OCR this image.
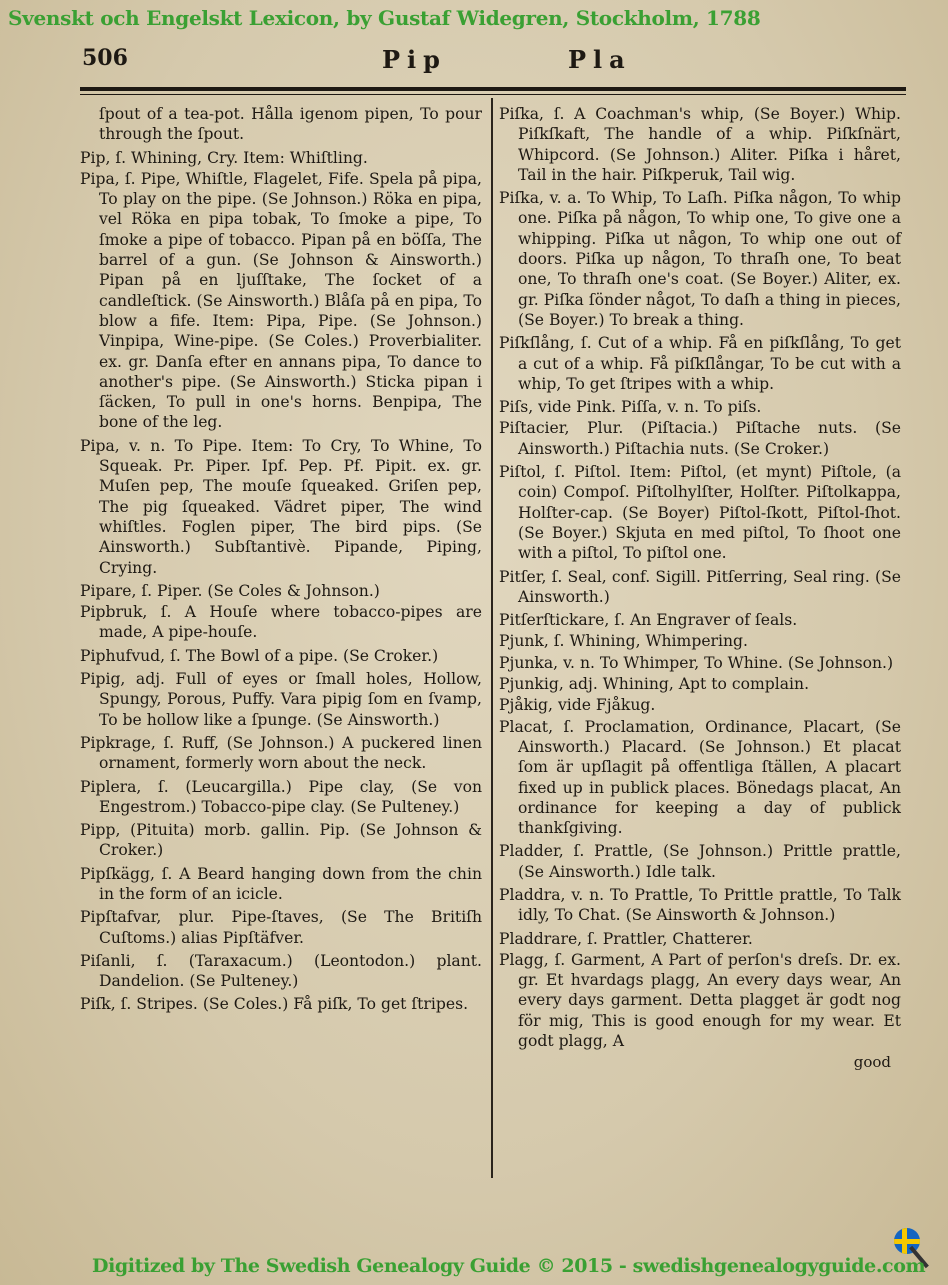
Svenskt och Engelskt Lexicon, by Gustaf Widegren, Stockholm, 1788
506	Pip	Pla

ſpout of a tea-pot. Hålla igenom pipen, To pour through the ſpout.

Pip, ſ. Whining, Cry. Item: Whiſtling.

Pipa, ſ. Pipe, Whiſtle, Flagelet, Fife. Spela på pipa, To play on the pipe. (Se Johnson.) Röka en pipa, vel Röka en pipa tobak, To ſmoke a pipe, To ſmoke a pipe of tobacco. Pipan på en böſſa, The barrel of a gun. (Se Johnson & Ainsworth.) Pipan på en ljuſſtake, The ſocket of a candleſtick. (Se Ainsworth.) Blåſa på en pipa, To blow a fife. Item: Pipa, Pipe. (Se Johnson.) Vinpipa, Wine-pipe. (Se Coles.) Proverbialiter. ex. gr. Danſa efter en annans pipa, To dance to another's pipe. (Se Ainsworth.) Sticka pipan i ſäcken, To pull in one's horns. Benpipa, The bone of the leg.

Pipa, v. n. To Pipe. Item: To Cry, To Whine, To Squeak. Pr. Piper. Ipf. Pep. Pf. Pipit. ex. gr. Muſen pep, The mouſe ſqueaked. Griſen pep, The pig ſqueaked. Vädret piper, The wind whiſtles. Foglen piper, The bird pips. (Se Ainsworth.) Subſtantivè. Pipande, Piping, Crying.

Pipare, ſ. Piper. (Se Coles & Johnson.)

Pipbruk, ſ. A Houſe where tobacco-pipes are made, A pipe-houſe.

Piphufvud, ſ. The Bowl of a pipe. (Se Croker.)

Pipig, adj. Full of eyes or ſmall holes, Hollow, Spungy, Porous, Puffy. Vara pipig ſom en ſvamp, To be hollow like a ſpunge. (Se Ainsworth.)

Pipkrage, ſ. Ruff, (Se Johnson.) A puckered linen ornament, formerly worn about the neck.

Piplera, ſ. (Leucargilla.) Pipe clay, (Se von Engestrom.) Tobacco-pipe clay. (Se Pulteney.)

Pipp, (Pituita) morb. gallin. Pip. (Se Johnson & Croker.)

Pipſkägg, ſ. A Beard hanging down from the chin in the form of an icicle.

Pipſtafvar, plur. Pipe-ſtaves, (Se The Britiſh Cuſtoms.) alias Pipſtäfver.

Piſanli, ſ. (Taraxacum.) (Leontodon.) plant. Dandelion. (Se Pulteney.)

Piſk, ſ. Stripes. (Se Coles.) Få piſk, To get ſtripes.

Piſka, ſ. A Coachman's whip, (Se Boyer.) Whip. Piſkſkaft, The handle of a whip. Piſkſnärt, Whipcord. (Se Johnson.) Aliter. Piſka i håret, Tail in the hair. Piſkperuk, Tail wig.

Piſka, v. a. To Whip, To Laſh. Piſka någon, To whip one. Piſka på någon, To whip one, To give one a whipping. Piſka ut någon, To whip one out of doors. Piſka up någon, To thraſh one, To beat one, To thraſh one's coat. (Se Boyer.) Aliter, ex. gr. Piſka ſönder något, To daſh a thing in pieces, (Se Boyer.) To break a thing.

Piſkſlång, ſ. Cut of a whip. Få en piſkſlång, To get a cut of a whip. Få piſkſlångar, To be cut with a whip, To get ſtripes with a whip.

Piſs, vide Pink. Piſſa, v. n. To piſs.

Piſtacier, Plur. (Piſtacia.) Piſtache nuts. (Se Ainsworth.) Piſtachia nuts. (Se Croker.)

Piſtol, ſ. Piſtol. Item: Piſtol, (et mynt) Piſtole, (a coin) Compoſ. Piſtolhylſter, Holſter. Piſtolkappa, Holſter-cap. (Se Boyer) Piſtol-ſkott, Piſtol-ſhot. (Se Boyer.) Skjuta en med piſtol, To ſhoot one with a piſtol, To piſtol one.

Pitſer, ſ. Seal, conf. Sigill. Pitſerring, Seal ring. (Se Ainsworth.)

Pitſerſtickare, ſ. An Engraver of ſeals.

Pjunk, ſ. Whining, Whimpering.

Pjunka, v. n. To Whimper, To Whine. (Se Johnson.)

Pjunkig, adj. Whining, Apt to complain.

Pjåkig, vide Fjåkug.

Placat, ſ. Proclamation, Ordinance, Placart, (Se Ainsworth.) Placard. (Se Johnson.) Et placat ſom är upſlagit på offentliga ſtällen, A placart fixed up in publick places. Bönedags placat, An ordinance for keeping a day of publick thankſgiving.

Pladder, ſ. Prattle, (Se Johnson.) Prittle prattle, (Se Ainsworth.) Idle talk.

Pladdra, v. n. To Prattle, To Prittle prattle, To Talk idly, To Chat. (Se Ainsworth & Johnson.)

Pladdrare, ſ. Prattler, Chatterer.

Plagg, ſ. Garment, A Part of perſon's dreſs. Dr. ex. gr. Et hvardags plagg, An every days wear, An every days garment. Detta plagget är godt nog för mig, This is good enough for my wear. Et godt plagg, A

good

Digitized by The Swedish Genealogy Guide © 2015 - swedishgenealogyguide.com
